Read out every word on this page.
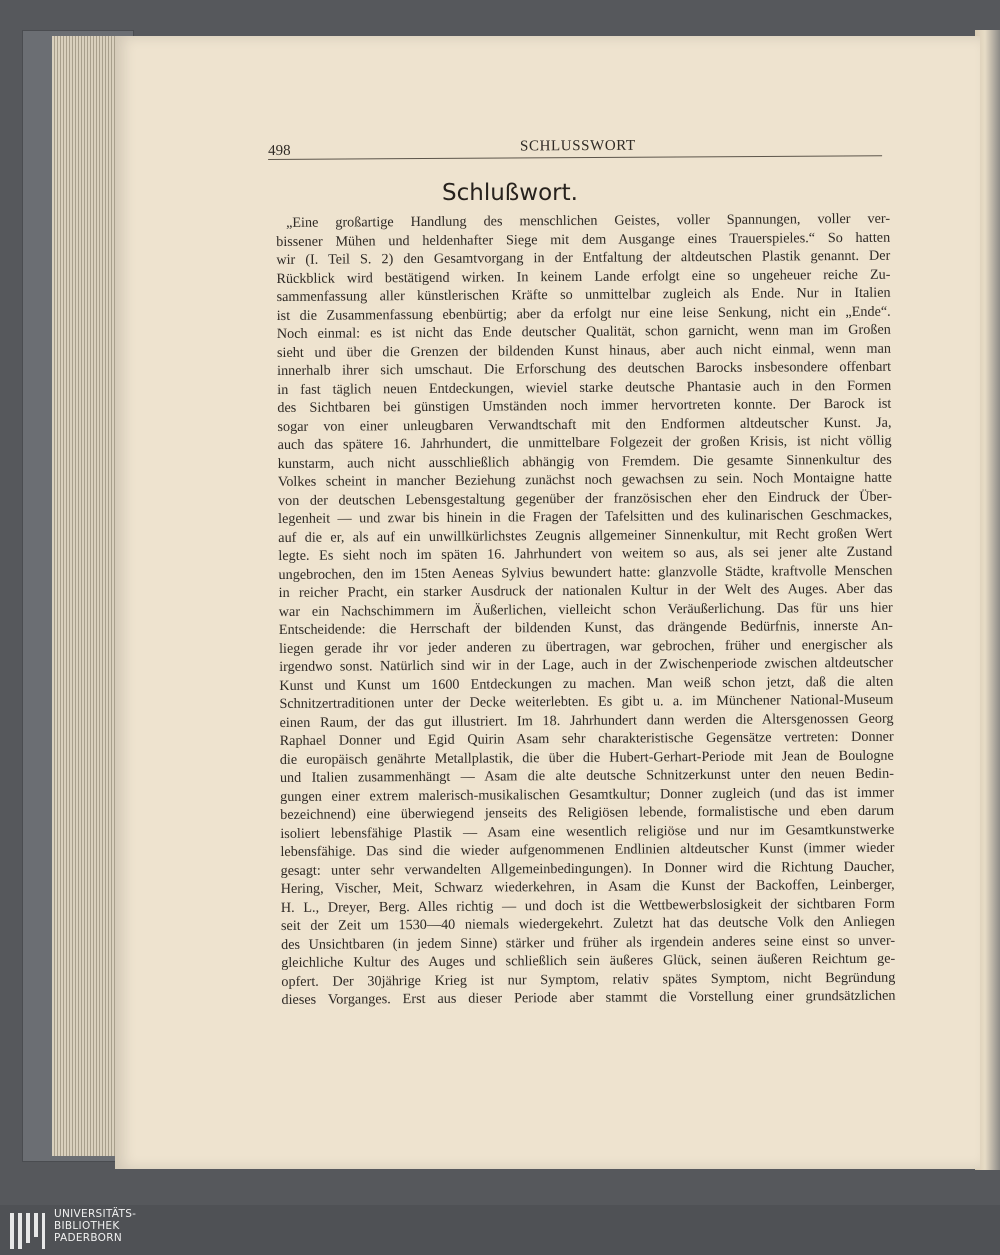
498	SCHLUSSWORT
Schlußwort.
„Eine großartige Handlung des menschlichen Geistes, voller Spannungen, voller ver-
bissener Mühen und heldenhafter Siege mit dem Ausgange eines Trauerspieles.“ So hatten
wir (I. Teil S. 2) den Gesamtvorgang in der Entfaltung der altdeutschen Plastik genannt. Der
Rückblick wird bestätigend wirken. In keinem Lande erfolgt eine so ungeheuer reiche Zu-
sammenfassung aller künstlerischen Kräfte so unmittelbar zugleich als Ende. Nur in Italien
ist die Zusammenfassung ebenbürtig; aber da erfolgt nur eine leise Senkung, nicht ein „Ende“.
Noch einmal: es ist nicht das Ende deutscher Qualität, schon garnicht, wenn man im Großen
sieht und über die Grenzen der bildenden Kunst hinaus, aber auch nicht einmal, wenn man
innerhalb ihrer sich umschaut. Die Erforschung des deutschen Barocks insbesondere offenbart
in fast täglich neuen Entdeckungen, wieviel starke deutsche Phantasie auch in den Formen
des Sichtbaren bei günstigen Umständen noch immer hervortreten konnte. Der Barock ist
sogar von einer unleugbaren Verwandtschaft mit den Endformen altdeutscher Kunst. Ja,
auch das spätere 16. Jahrhundert, die unmittelbare Folgezeit der großen Krisis, ist nicht völlig
kunstarm, auch nicht ausschließlich abhängig von Fremdem. Die gesamte Sinnenkultur des
Volkes scheint in mancher Beziehung zunächst noch gewachsen zu sein. Noch Montaigne hatte
von der deutschen Lebensgestaltung gegenüber der französischen eher den Eindruck der Über-
legenheit — und zwar bis hinein in die Fragen der Tafelsitten und des kulinarischen Geschmackes,
auf die er, als auf ein unwillkürlichstes Zeugnis allgemeiner Sinnenkultur, mit Recht großen Wert
legte. Es sieht noch im späten 16. Jahrhundert von weitem so aus, als sei jener alte Zustand
ungebrochen, den im 15ten Aeneas Sylvius bewundert hatte: glanzvolle Städte, kraftvolle Menschen
in reicher Pracht, ein starker Ausdruck der nationalen Kultur in der Welt des Auges. Aber das
war ein Nachschimmern im Äußerlichen, vielleicht schon Veräußerlichung. Das für uns hier
Entscheidende: die Herrschaft der bildenden Kunst, das drängende Bedürfnis, innerste An-
liegen gerade ihr vor jeder anderen zu übertragen, war gebrochen, früher und energischer als
irgendwo sonst. Natürlich sind wir in der Lage, auch in der Zwischenperiode zwischen altdeutscher
Kunst und Kunst um 1600 Entdeckungen zu machen. Man weiß schon jetzt, daß die alten
Schnitzertraditionen unter der Decke weiterlebten. Es gibt u. a. im Münchener National-Museum
einen Raum, der das gut illustriert. Im 18. Jahrhundert dann werden die Altersgenossen Georg
Raphael Donner und Egid Quirin Asam sehr charakteristische Gegensätze vertreten: Donner
die europäisch genährte Metallplastik, die über die Hubert-Gerhart-Periode mit Jean de Boulogne
und Italien zusammenhängt — Asam die alte deutsche Schnitzerkunst unter den neuen Bedin-
gungen einer extrem malerisch-musikalischen Gesamtkultur; Donner zugleich (und das ist immer
bezeichnend) eine überwiegend jenseits des Religiösen lebende, formalistische und eben darum
isoliert lebensfähige Plastik — Asam eine wesentlich religiöse und nur im Gesamtkunstwerke
lebensfähige. Das sind die wieder aufgenommenen Endlinien altdeutscher Kunst (immer wieder
gesagt: unter sehr verwandelten Allgemeinbedingungen). In Donner wird die Richtung Daucher,
Hering, Vischer, Meit, Schwarz wiederkehren, in Asam die Kunst der Backoffen, Leinberger,
H. L., Dreyer, Berg. Alles richtig — und doch ist die Wettbewerbslosigkeit der sichtbaren Form
seit der Zeit um 1530—40 niemals wiedergekehrt. Zuletzt hat das deutsche Volk den Anliegen
des Unsichtbaren (in jedem Sinne) stärker und früher als irgendein anderes seine einst so unver-
gleichliche Kultur des Auges und schließlich sein äußeres Glück, seinen äußeren Reichtum ge-
opfert. Der 30jährige Krieg ist nur Symptom, relativ spätes Symptom, nicht Begründung
dieses Vorganges. Erst aus dieser Periode aber stammt die Vorstellung einer grundsätzlichen
UNIVERSITÄTS-
BIBLIOTHEK
PADERBORN
